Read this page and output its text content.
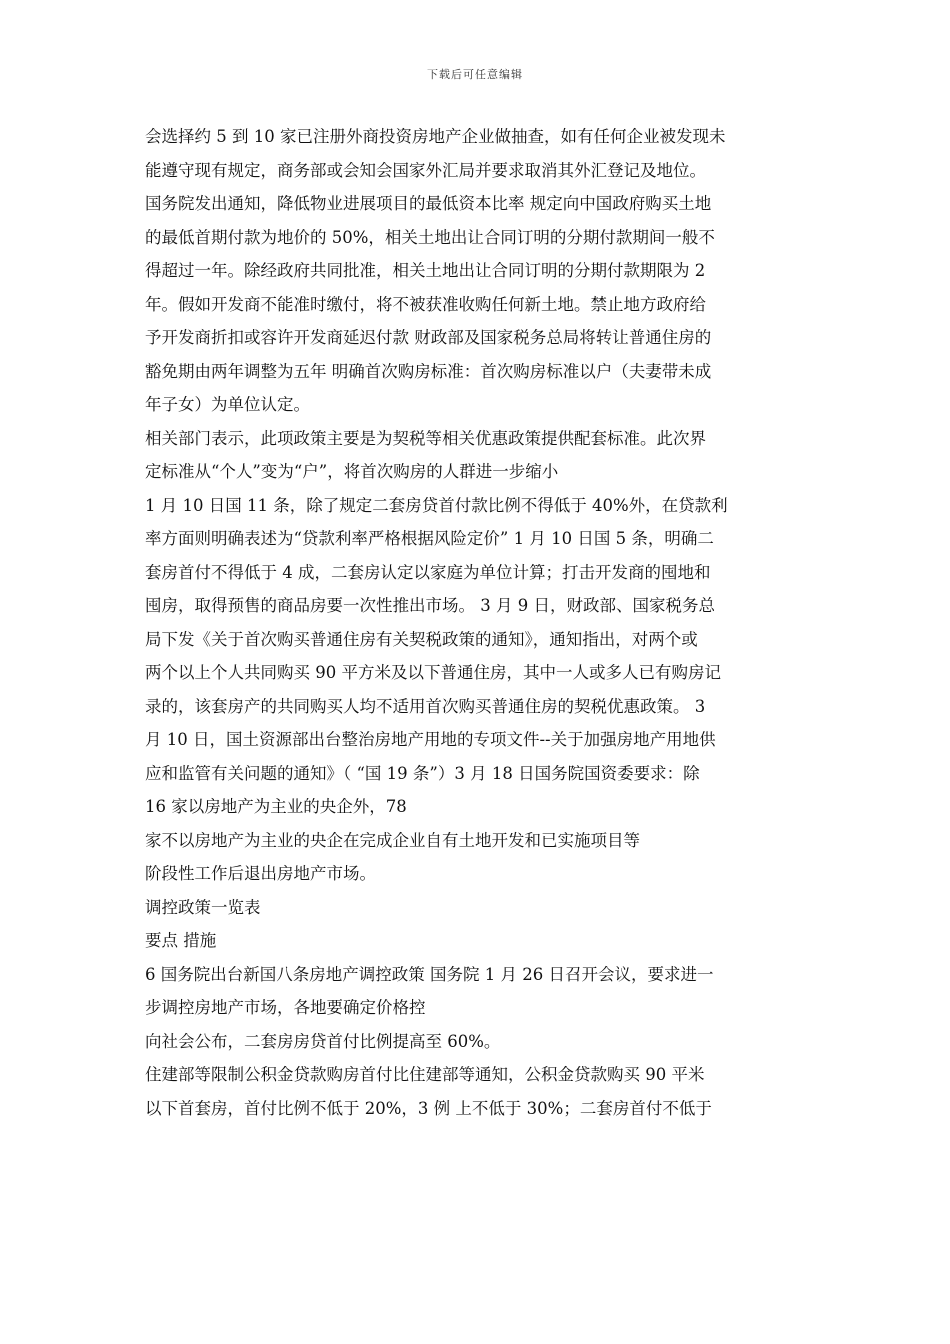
下载后可任意编辑
会选择约 5 到 10 家已注册外商投资房地产企业做抽查，如有任何企业被发现未
能遵守现有规定，商务部或会知会国家外汇局并要求取消其外汇登记及地位。
国务院发出通知，降低物业进展项目的最低资本比率 规定向中国政府购买土地
的最低首期付款为地价的 50%，相关土地出让合同订明的分期付款期间一般不
得超过一年。除经政府共同批准，相关土地出让合同订明的分期付款期限为 2
年。假如开发商不能准时缴付，将不被获准收购任何新土地。禁止地方政府给
予开发商折扣或容许开发商延迟付款 财政部及国家税务总局将转让普通住房的
豁免期由两年调整为五年 明确首次购房标准：首次购房标准以户（夫妻带未成
年子女）为单位认定。
相关部门表示，此项政策主要是为契税等相关优惠政策提供配套标准。此次界
定标准从“个人”变为“户”，将首次购房的人群进一步缩小
1 月 10 日国 11 条，除了规定二套房贷首付款比例不得低于 40%外，在贷款利
率方面则明确表述为“贷款利率严格根据风险定价” 1 月 10 日国 5 条，明确二
套房首付不得低于 4 成，二套房认定以家庭为单位计算；打击开发商的囤地和
囤房，取得预售的商品房要一次性推出市场。 3 月 9 日，财政部、国家税务总
局下发《关于首次购买普通住房有关契税政策的通知》，通知指出，对两个或
两个以上个人共同购买 90 平方米及以下普通住房，其中一人或多人已有购房记
录的，该套房产的共同购买人均不适用首次购买普通住房的契税优惠政策。 3
月 10 日，国土资源部出台整治房地产用地的专项文件--关于加强房地产用地供
应和监管有关问题的通知》（ “国 19 条”）3 月 18 日国务院国资委要求：除
16 家以房地产为主业的央企外，78
家不以房地产为主业的央企在完成企业自有土地开发和已实施项目等
阶段性工作后退出房地产市场。
调控政策一览表
要点 措施
6 国务院出台新国八条房地产调控政策 国务院 1 月 26 日召开会议，要求进一
步调控房地产市场，各地要确定价格控
向社会公布，二套房房贷首付比例提高至 60%。
住建部等限制公积金贷款购房首付比住建部等通知，公积金贷款购买 90 平米
以下首套房，首付比例不低于 20%，3 例 上不低于 30%；二套房首付不低于
